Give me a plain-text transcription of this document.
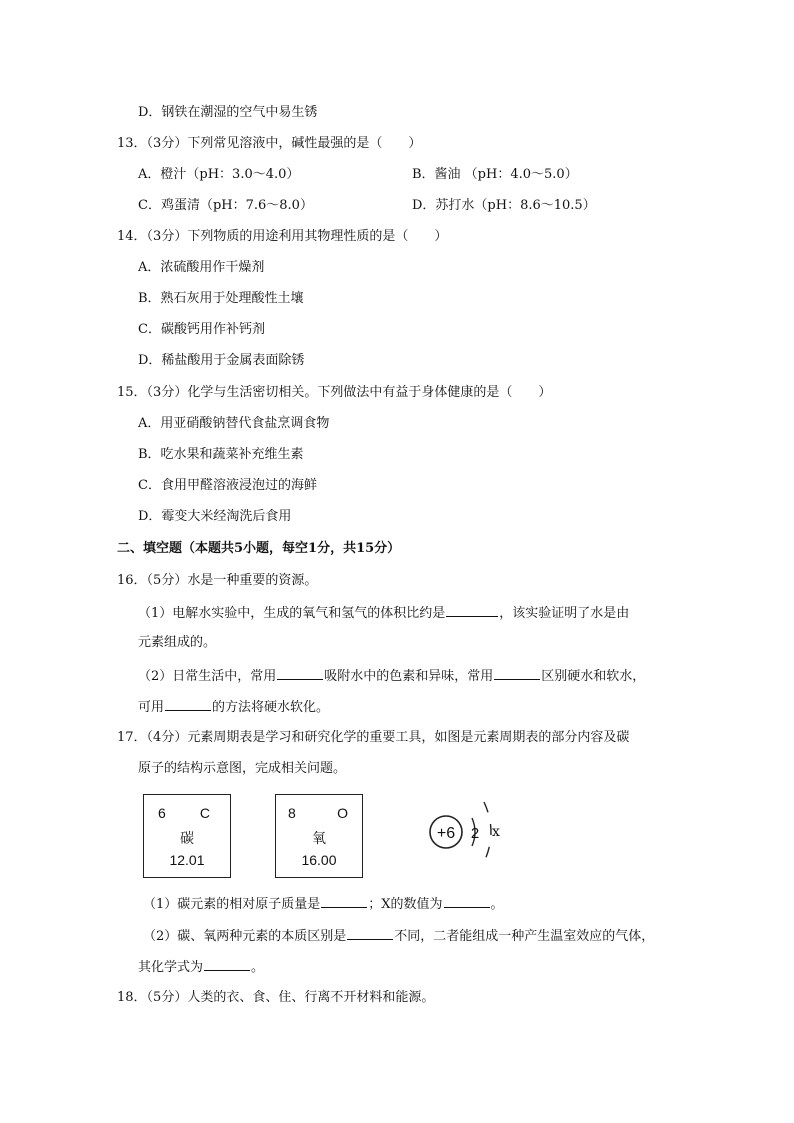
D．钢铁在潮湿的空气中易生锈
13．（3分）下列常见溶液中，碱性最强的是（　　）
A．橙汁（pH：3.0～4.0）	B．酱油 （pH：4.0～5.0）
C．鸡蛋清（pH：7.6～8.0）	D．苏打水（pH：8.6～10.5）
14．（3分）下列物质的用途利用其物理性质的是（　　）
A．浓硫酸用作干燥剂
B．熟石灰用于处理酸性土壤
C．碳酸钙用作补钙剂
D．稀盐酸用于金属表面除锈
15．（3分）化学与生活密切相关。下列做法中有益于身体健康的是（　　）
A．用亚硝酸钠替代食盐烹调食物
B．吃水果和蔬菜补充维生素
C．食用甲醛溶液浸泡过的海鲜
D．霉变大米经淘洗后食用
二、填空题（本题共5小题，每空1分，共15分）
16．（5分）水是一种重要的资源。
（1）电解水实验中，生成的氧气和氢气的体积比约是	，该实验证明了水是由
元素组成的。
（2）日常生活中，常用	吸附水中的色素和异味，常用	区别硬水和软水，
可用	的方法将硬水软化。
17．（4分）元素周期表是学习和研究化学的重要工具，如图是元素周期表的部分内容及碳
原子的结构示意图，完成相关问题。
6 C
碳
12.01
8	O
氧
16.00
+6 2 x
（1）碳元素的相对原子质量是	；X的数值为	。
（2）碳、氧两种元素的本质区别是	不同，二者能组成一种产生温室效应的气体，
其化学式为	。
18．（5分）人类的衣、食、住、行离不开材料和能源。
